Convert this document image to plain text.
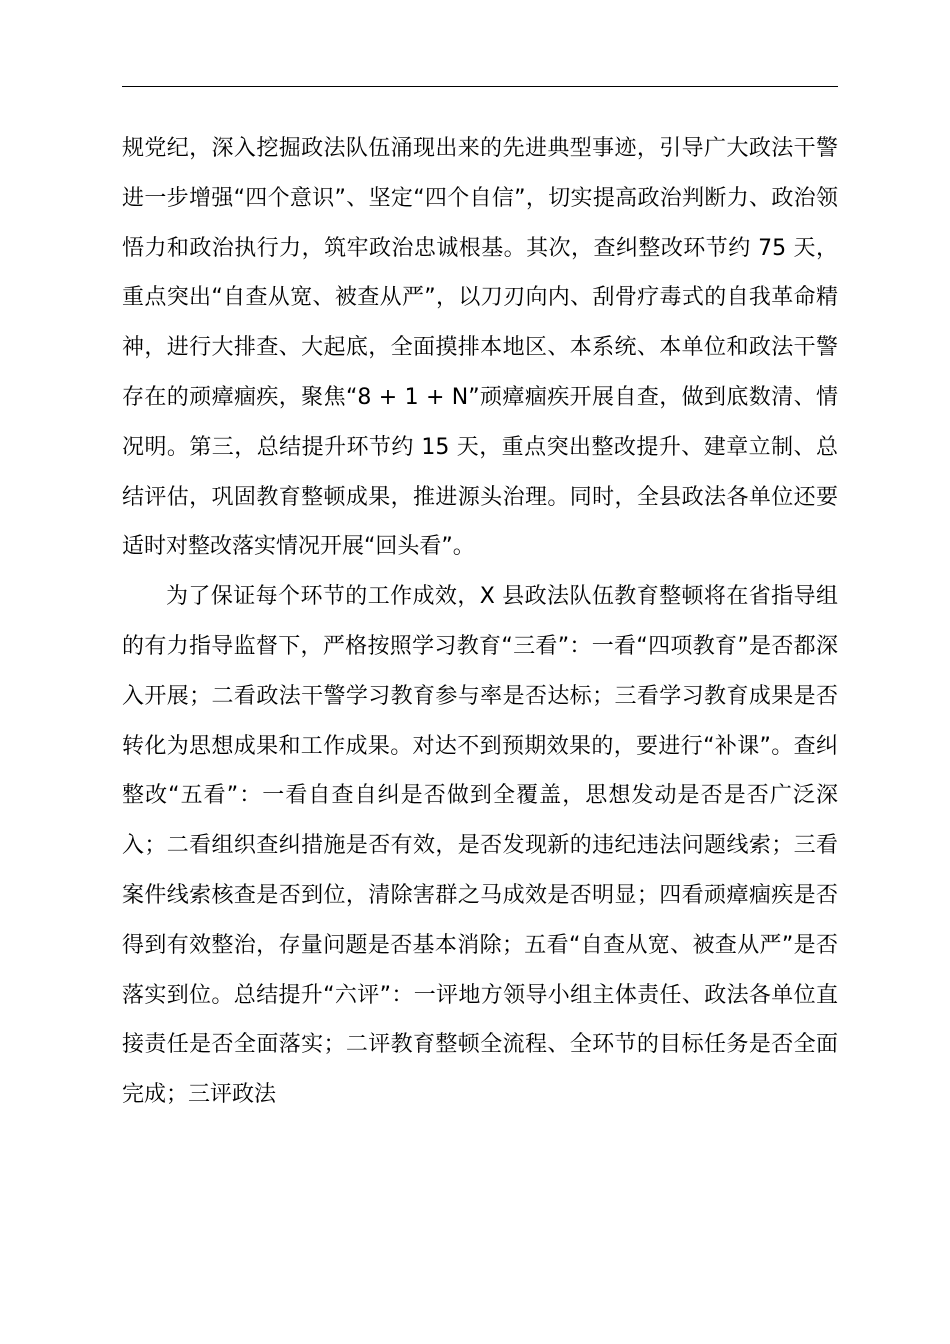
规党纪，深入挖掘政法队伍涌现出来的先进典型事迹，引导广大政法干警进一步增强“四个意识”、坚定“四个自信”，切实提高政治判断力、政治领悟力和政治执行力，筑牢政治忠诚根基。其次，查纠整改环节约 75 天，重点突出“自查从宽、被查从严”，以刀刃向内、刮骨疗毒式的自我革命精神，进行大排查、大起底，全面摸排本地区、本系统、本单位和政法干警存在的顽瘴痼疾，聚焦“8 + 1 + N”顽瘴痼疾开展自查，做到底数清、情况明。第三，总结提升环节约 15 天，重点突出整改提升、建章立制、总结评估，巩固教育整顿成果，推进源头治理。同时，全县政法各单位还要适时对整改落实情况开展“回头看”。

为了保证每个环节的工作成效，X 县政法队伍教育整顿将在省指导组的有力指导监督下，严格按照学习教育“三看”：一看“四项教育”是否都深入开展；二看政法干警学习教育参与率是否达标；三看学习教育成果是否转化为思想成果和工作成果。对达不到预期效果的，要进行“补课”。查纠整改“五看”：一看自查自纠是否做到全覆盖，思想发动是否是否广泛深入；二看组织查纠措施是否有效，是否发现新的违纪违法问题线索；三看案件线索核查是否到位，清除害群之马成效是否明显；四看顽瘴痼疾是否得到有效整治，存量问题是否基本消除；五看“自查从宽、被查从严”是否落实到位。总结提升“六评”：一评地方领导小组主体责任、政法各单位直接责任是否全面落实；二评教育整顿全流程、全环节的目标任务是否全面完成；三评政法
